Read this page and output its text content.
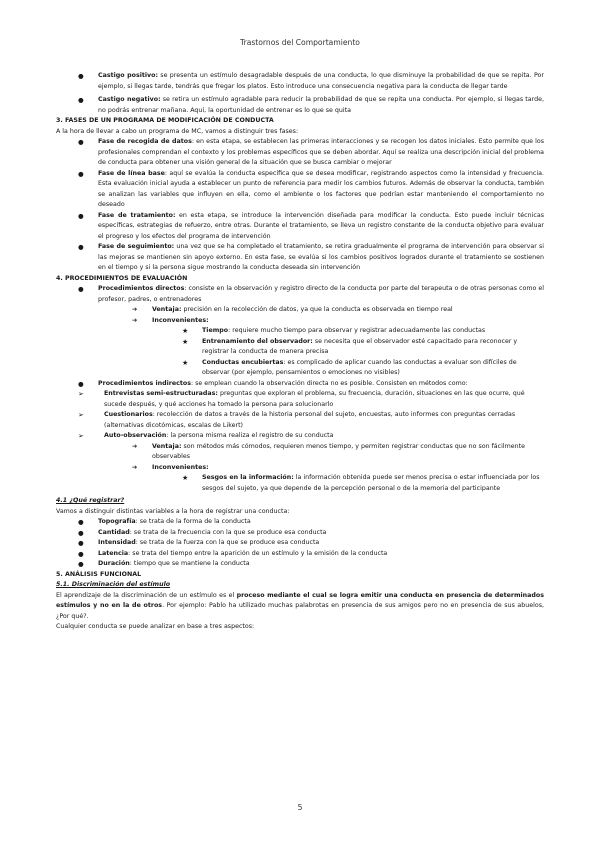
Trastornos del Comportamiento
●	Castigo positivo: se presenta un estímulo desagradable después de una conducta, lo que disminuye la probabilidad de que se repita. Por ejemplo, si llegas tarde, tendrás que fregar los platos. Esto introduce una consecuencia negativa para la conducta de llegar tarde

●	Castigo negativo: se retira un estímulo agradable para reducir la probabilidad de que se repita una conducta. Por ejemplo, si llegas tarde, no podrás entrenar mañana. Aquí, la oportunidad de entrenar es lo que se quita

3. FASES DE UN PROGRAMA DE MODIFICACIÓN DE CONDUCTA

A la hora de llevar a cabo un programa de MC, vamos a distinguir tres fases:

●	Fase de recogida de datos: en esta etapa, se establecen las primeras interacciones y se recogen los datos iniciales. Esto permite que los profesionales comprendan el contexto y los problemas específicos que se deben abordar. Aquí se realiza una descripción inicial del problema de conducta para obtener una visión general de la situación que se busca cambiar o mejorar

●	Fase de línea base: aquí se evalúa la conducta específica que se desea modificar, registrando aspectos como la intensidad y frecuencia. Esta evaluación inicial ayuda a establecer un punto de referencia para medir los cambios futuros. Además de observar la conducta, también se analizan las variables que influyen en ella, como el ambiente o los factores que podrían estar manteniendo el comportamiento no deseado

●	Fase de tratamiento: en esta etapa, se introduce la intervención diseñada para modificar la conducta. Esto puede incluir técnicas específicas, estrategias de refuerzo, entre otras. Durante el tratamiento, se lleva un registro constante de la conducta objetivo para evaluar el progreso y los efectos del programa de intervención

●	Fase de seguimiento: una vez que se ha completado el tratamiento, se retira gradualmente el programa de intervención para observar si las mejoras se mantienen sin apoyo externo. En esta fase, se evalúa si los cambios positivos logrados durante el tratamiento se sostienen en el tiempo y si la persona sigue mostrando la conducta deseada sin intervención

4. PROCEDIMIENTOS DE EVALUACIÓN

●	Procedimientos directos: consiste en la observación y registro directo de la conducta por parte del terapeuta o de otras personas como el profesor, padres, o entrenadores

➔	Ventaja: precisión en la recolección de datos, ya que la conducta es observada en tiempo real

➔	Inconvenientes:

★	Tiempo: requiere mucho tiempo para observar y registrar adecuadamente las conductas

★	Entrenamiento del observador: se necesita que el observador esté capacitado para reconocer y registrar la conducta de manera precisa

★	Conductas encubiertas: es complicado de aplicar cuando las conductas a evaluar son difíciles de observar (por ejemplo, pensamientos o emociones no visibles)

●	Procedimientos indirectos: se emplean cuando la observación directa no es posible. Consisten en métodos como:

➢	Entrevistas semi-estructuradas: preguntas que exploran el problema, su frecuencia, duración, situaciones en las que ocurre, qué sucede después, y qué acciones ha tomado la persona para solucionarlo

➢	Cuestionarios: recolección de datos a través de la historia personal del sujeto, encuestas, auto informes con preguntas cerradas (alternativas dicotómicas, escalas de Likert)

➢	Auto-observación: la persona misma realiza el registro de su conducta

➔	Ventaja: son métodos más cómodos, requieren menos tiempo, y permiten registrar conductas que no son fácilmente observables

➔	Inconvenientes:

★	Sesgos en la información: la información obtenida puede ser menos precisa o estar influenciada por los sesgos del sujeto, ya que depende de la percepción personal o de la memoria del participante

4.1 ¿Qué registrar?

Vamos a distinguir distintas variables a la hora de registrar una conducta:

●	Topografía: se trata de la forma de la conducta

●	Cantidad: se trata de la frecuencia con la que se produce esa conducta

●	Intensidad: se trata de la fuerza con la que se produce esa conducta

●	Latencia: se trata del tiempo entre la aparición de un estímulo y la emisión de la conducta

●	Duración: tiempo que se mantiene la conducta

5. ANÁLISIS FUNCIONAL

5.1. Discriminación del estímulo

El aprendizaje de la discriminación de un estímulo es el proceso mediante el cual se logra emitir una conducta en presencia de determinados estímulos y no en la de otros. Por ejemplo: Pablo ha utilizado muchas palabrotas en presencia de sus amigos pero no en presencia de sus abuelos, ¿Por qué?.

Cualquier conducta se puede analizar en base a tres aspectos:

5
